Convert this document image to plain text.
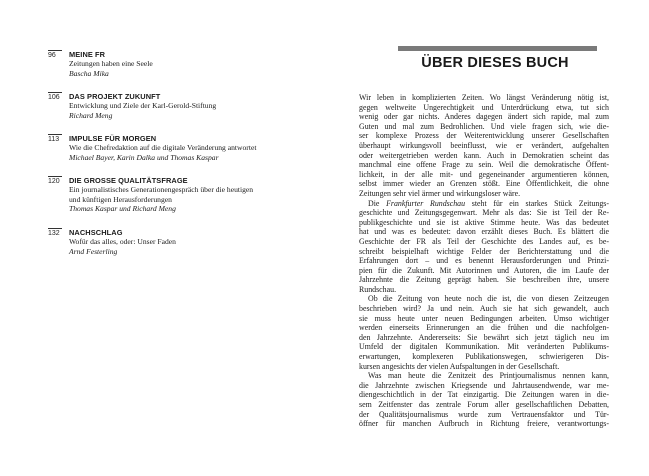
96	MEINE FR
Zeitungen haben eine Seele
Bascha Mika
106	DAS PROJEKT ZUKUNFT
Entwicklung und Ziele der Karl-Gerold-Stiftung
Richard Meng
113	IMPULSE FÜR MORGEN
Wie die Chefredaktion auf die digitale Veränderung antwortet
Michael Bayer, Karin Dalka und Thomas Kaspar
120	DIE GROSSE QUALITÄTSFRAGE
Ein journalistisches Generationengespräch über die heutigen
und künftigen Herausforderungen
Thomas Kaspar und Richard Meng
132	NACHSCHLAG
Wofür das alles, oder: Unser Faden
Arnd Festerling
ÜBER DIESES BUCH
Wir leben in komplizierten Zeiten. Wo längst Veränderung nötig ist,
gegen weltweite Ungerechtigkeit und Unterdrückung etwa, tut sich
wenig oder gar nichts. Anderes dagegen ändert sich rapide, mal zum
Guten und mal zum Bedrohlichen. Und viele fragen sich, wie die-
ser komplexe Prozess der Weiterentwicklung unserer Gesellschaften
überhaupt wirkungsvoll beeinflusst, wie er verändert, aufgehalten
oder weitergetrieben werden kann. Auch in Demokratien scheint das
manchmal eine offene Frage zu sein. Weil die demokratische Öffent-
lichkeit, in der alle mit- und gegeneinander argumentieren können,
selbst immer wieder an Grenzen stößt. Eine Öffentlichkeit, die ohne
Zeitungen sehr viel ärmer und wirkungsloser wäre.
Die Frankfurter Rundschau steht für ein starkes Stück Zeitungs-
geschichte und Zeitungsgegenwart. Mehr als das: Sie ist Teil der Re-
publikgeschichte und sie ist aktive Stimme heute. Was das bedeutet
hat und was es bedeutet: davon erzählt dieses Buch. Es blättert die
Geschichte der FR als Teil der Geschichte des Landes auf, es be-
schreibt beispielhaft wichtige Felder der Berichterstattung und die
Erfahrungen dort – und es benennt Herausforderungen und Prinzi-
pien für die Zukunft. Mit Autorinnen und Autoren, die im Laufe der
Jahrzehnte die Zeitung geprägt haben. Sie beschreiben ihre, unsere
Rundschau.
Ob die Zeitung von heute noch die ist, die von diesen Zeitzeugen
beschrieben wird? Ja und nein. Auch sie hat sich gewandelt, auch
sie muss heute unter neuen Bedingungen arbeiten. Umso wichtiger
werden einerseits Erinnerungen an die frühen und die nachfolgen-
den Jahrzehnte. Andererseits: Sie bewährt sich jetzt täglich neu im
Umfeld der digitalen Kommunikation. Mit veränderten Publikums-
erwartungen, komplexeren Publikationswegen, schwierigeren Dis-
kursen angesichts der vielen Aufspaltungen in der Gesellschaft.
Was man heute die Zenitzeit des Printjournalismus nennen kann,
die Jahrzehnte zwischen Kriegsende und Jahrtausendwende, war me-
diengeschichtlich in der Tat einzigartig. Die Zeitungen waren in die-
sem Zeitfenster das zentrale Forum aller gesellschaftlichen Debatten,
der Qualitätsjournalismus wurde zum Vertrauensfaktor und Tür-
öffner für manchen Aufbruch in Richtung freiere, verantwortungs-
